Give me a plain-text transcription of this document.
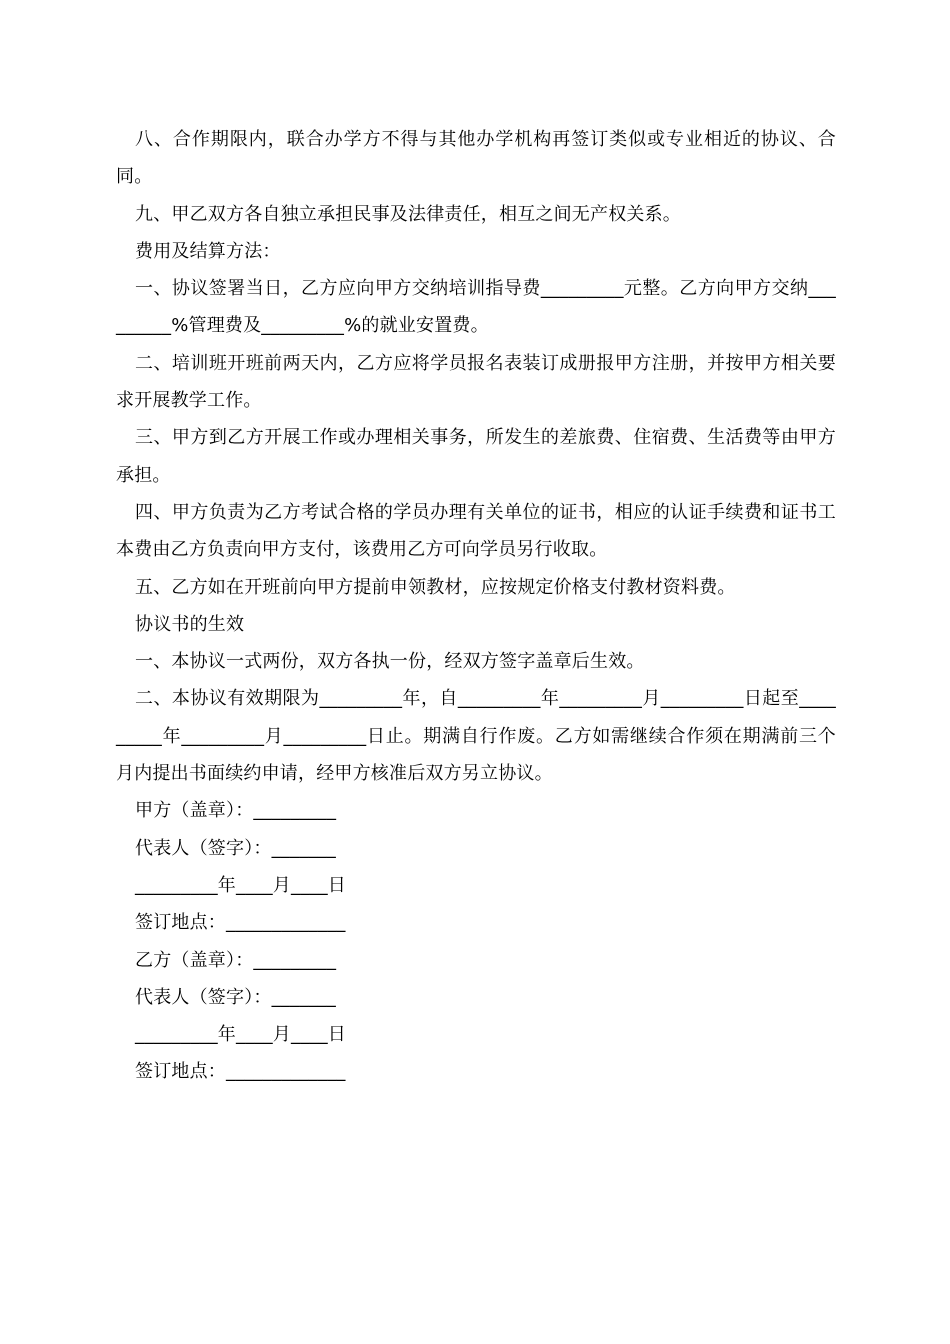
八、合作期限内，联合办学方不得与其他办学机构再签订类似或专业相近的协议、合同。

九、甲乙双方各自独立承担民事及法律责任，相互之间无产权关系。

费用及结算方法：

一、协议签署当日，乙方应向甲方交纳培训指导费_________元整。乙方向甲方交纳_________%管理费及_________%的就业安置费。

二、培训班开班前两天内，乙方应将学员报名表装订成册报甲方注册，并按甲方相关要求开展教学工作。

三、甲方到乙方开展工作或办理相关事务，所发生的差旅费、住宿费、生活费等由甲方承担。

四、甲方负责为乙方考试合格的学员办理有关单位的证书，相应的认证手续费和证书工本费由乙方负责向甲方支付，该费用乙方可向学员另行收取。

五、乙方如在开班前向甲方提前申领教材，应按规定价格支付教材资料费。

协议书的生效

一、本协议一式两份，双方各执一份，经双方签字盖章后生效。

二、本协议有效期限为_________年，自_________年_________月_________日起至_________年_________月_________日止。期满自行作废。乙方如需继续合作须在期满前三个月内提出书面续约申请，经甲方核准后双方另立协议。

甲方（盖章）：_________

代表人（签字）：_______

_________年____月____日

签订地点：_____________

乙方（盖章）：_________

代表人（签字）：_______

_________年____月____日

签订地点：_____________
